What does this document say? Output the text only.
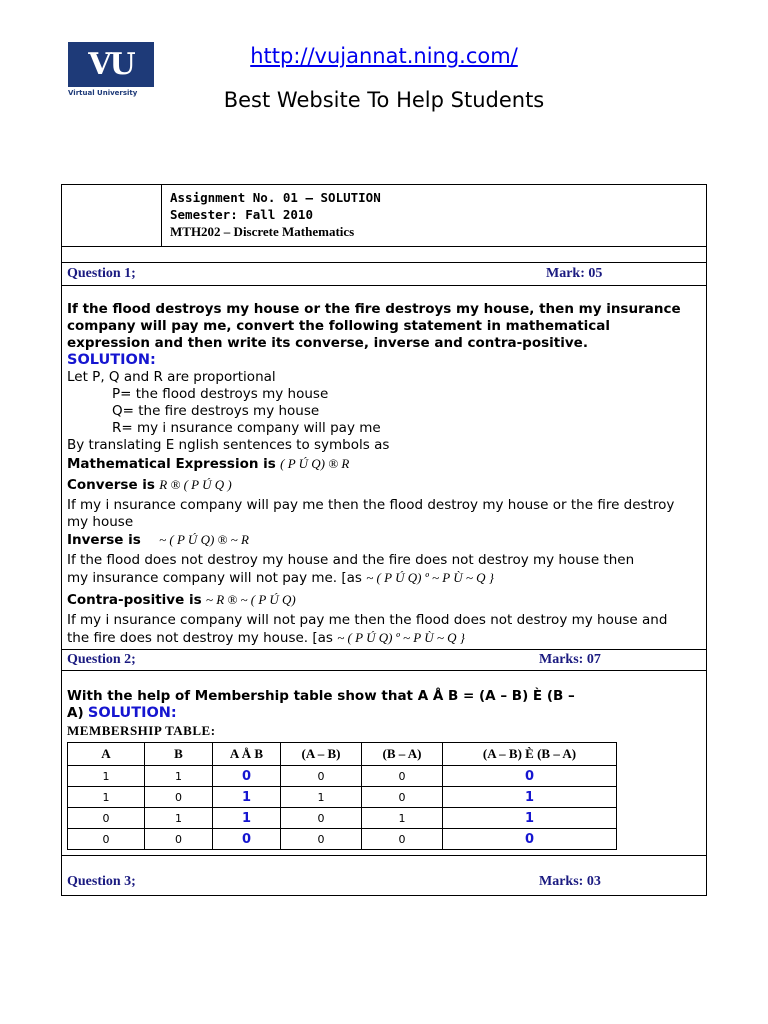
VU
Virtual University
http://vujannat.ning.com/
Best Website To Help Students
Assignment No. 01 – SOLUTION
Semester: Fall 2010
MTH202 – Discrete Mathematics
Question 1;	Mark: 05
If the flood destroys my house or the fire destroys my house, then my insurance company will pay me, convert the following statement in mathematical expression and then write its converse, inverse and contra-positive.
SOLUTION:
Let P, Q and R are proportional
P= the flood destroys my house
Q= the fire destroys my house
R= my i nsurance company will pay me
By translating E nglish sentences to symbols as
Mathematical Expression is ( P Ú Q) ® R
Converse is R ® ( P Ú Q )
If my i nsurance company will pay me then the flood destroy my house or the fire destroy my house
Inverse is ~ ( P Ú Q) ® ~ R
If the flood does not destroy my house and the fire does not destroy my house then
my insurance company will not pay me. [as ~ ( P Ú Q) º ~ P Ù ~ Q }
Contra-positive is ~ R ® ~ ( P Ú Q)
If my i nsurance company will not pay me then the flood does not destroy my house and
the fire does not destroy my house. [as ~ ( P Ú Q) º ~ P Ù ~ Q }
Question 2;	Marks: 07
With the help of Membership table show that A Å B = (A – B) È (B –
A) SOLUTION:
MEMBERSHIP TABLE:
A	B	A Å B	(A – B)	(B – A)	(A – B) È (B – A)
1	1	0	0	0	0
1	0	1	1	0	1
0	1	1	0	1	1
0	0	0	0	0	0
Question 3;	Marks: 03
